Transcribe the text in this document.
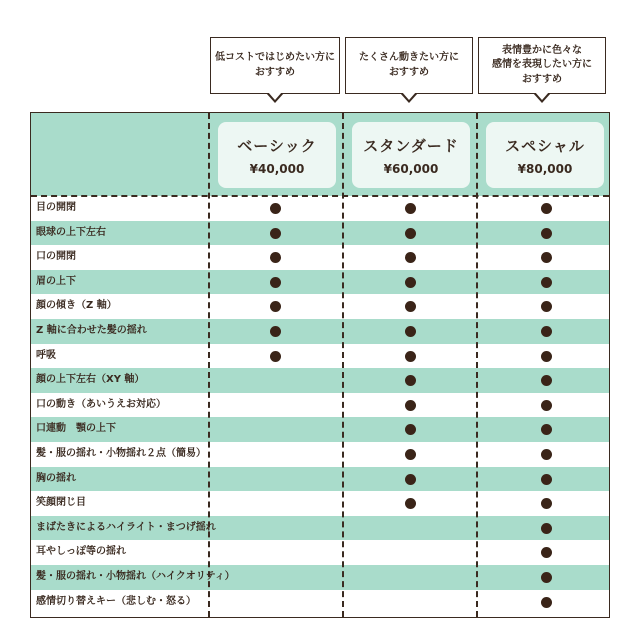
低コストではじめたい方に
おすすめ
たくさん動きたい方に
おすすめ
表情豊かに色々な
感情を表現したい方に
おすすめ
ベーシック
¥40,000
スタンダード
¥60,000
スペシャル
¥80,000
目の開閉
眼球の上下左右
口の開閉
眉の上下
顔の傾き（Z 軸）
Z 軸に合わせた髪の揺れ
呼吸
顔の上下左右（XY 軸）
口の動き（あいうえお対応）
口連動　顎の上下
髪・服の揺れ・小物揺れ２点（簡易）
胸の揺れ
笑顔閉じ目
まばたきによるハイライト・まつげ揺れ
耳やしっぽ等の揺れ
髪・服の揺れ・小物揺れ（ハイクオリティ）
感情切り替えキー（悲しむ・怒る）
